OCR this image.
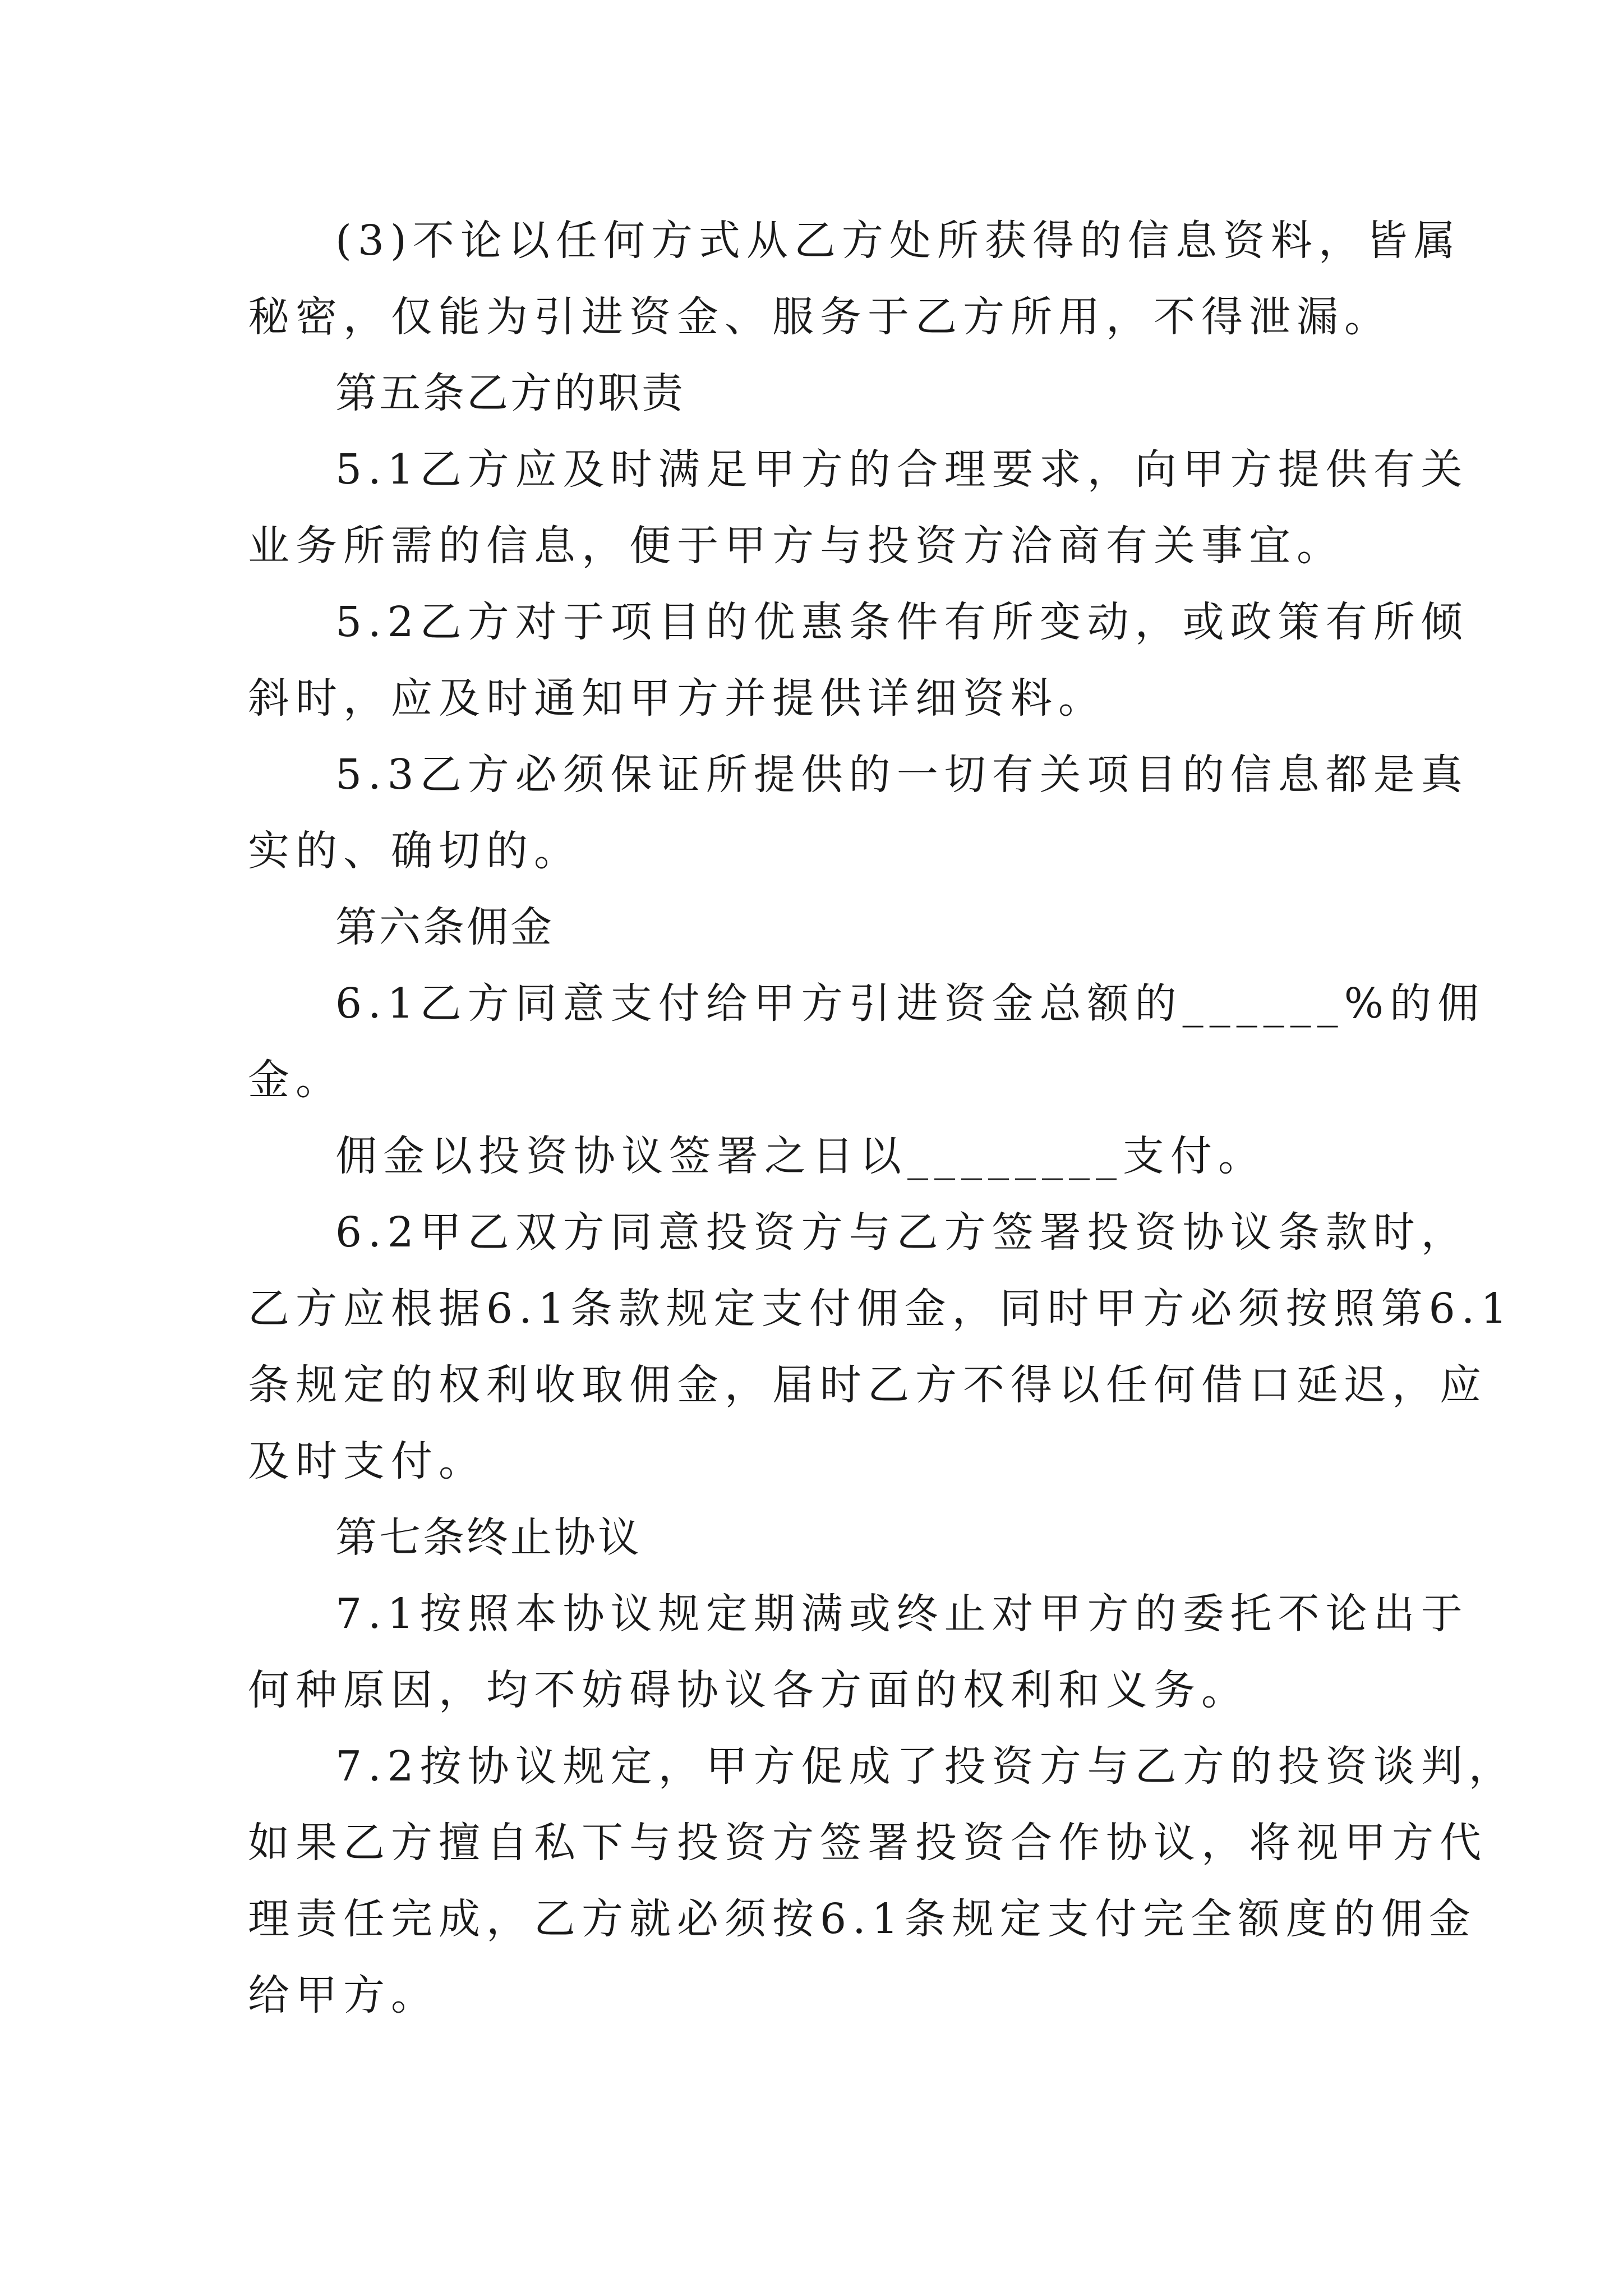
(3)不论以任何方式从乙方处所获得的信息资料，皆属

秘密，仅能为引进资金、服务于乙方所用，不得泄漏。

第五条乙方的职责

5.1乙方应及时满足甲方的合理要求，向甲方提供有关

业务所需的信息，便于甲方与投资方洽商有关事宜。

5.2乙方对于项目的优惠条件有所变动，或政策有所倾

斜时，应及时通知甲方并提供详细资料。

5.3乙方必须保证所提供的一切有关项目的信息都是真

实的、确切的。

第六条佣金

6.1乙方同意支付给甲方引进资金总额的______%的佣

金。

佣金以投资协议签署之日以________支付。

6.2甲乙双方同意投资方与乙方签署投资协议条款时，

乙方应根据6.1条款规定支付佣金，同时甲方必须按照第6.1

条规定的权利收取佣金，届时乙方不得以任何借口延迟，应

及时支付。

第七条终止协议

7.1按照本协议规定期满或终止对甲方的委托不论出于

何种原因，均不妨碍协议各方面的权利和义务。

7.2按协议规定，甲方促成了投资方与乙方的投资谈判，

如果乙方擅自私下与投资方签署投资合作协议，将视甲方代

理责任完成，乙方就必须按6.1条规定支付完全额度的佣金

给甲方。
